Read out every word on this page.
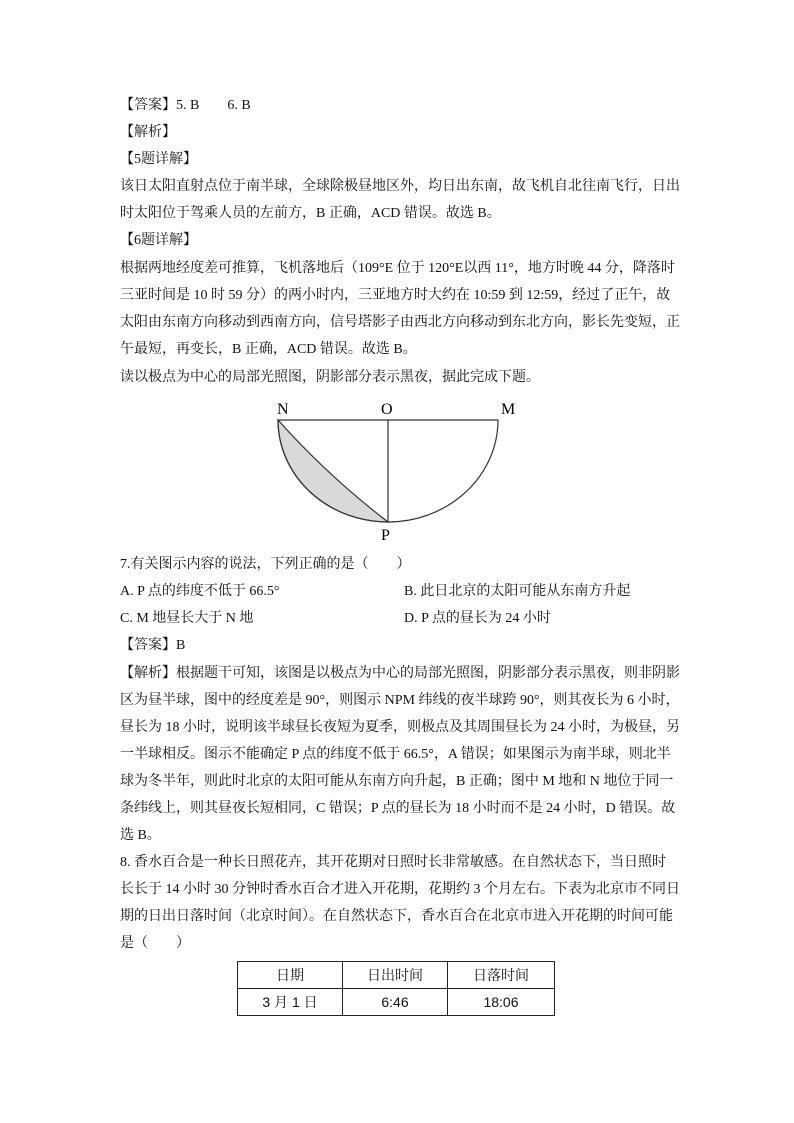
【答案】5. B　　6. B
【解析】
【5题详解】
该日太阳直射点位于南半球，全球除极昼地区外，均日出东南，故飞机自北往南飞行，日出
时太阳位于驾乘人员的左前方，B 正确，ACD 错误。故选 B。
【6题详解】
根据两地经度差可推算，飞机落地后（109°E 位于 120°E以西 11°，地方时晚 44 分，降落时
三亚时间是 10 时 59 分）的两小时内，三亚地方时大约在 10:59 到 12:59，经过了正午，故
太阳由东南方向移动到西南方向，信号塔影子由西北方向移动到东北方向，影长先变短，正
午最短，再变长，B 正确，ACD 错误。故选 B。
读以极点为中心的局部光照图，阴影部分表示黑夜，据此完成下题。
N	O	M
P
7.有关图示内容的说法，下列正确的是（　　）
A. P 点的纬度不低于 66.5°	B. 此日北京的太阳可能从东南方升起
C. M 地昼长大于 N 地	D. P 点的昼长为 24 小时
【答案】B
【解析】根据题干可知，该图是以极点为中心的局部光照图，阴影部分表示黑夜，则非阴影
区为昼半球，图中的经度差是 90°，则图示 NPM 纬线的夜半球跨 90°，则其夜长为 6 小时，
昼长为 18 小时，说明该半球昼长夜短为夏季，则极点及其周围昼长为 24 小时，为极昼，另
一半球相反。图示不能确定 P 点的纬度不低于 66.5°，A 错误；如果图示为南半球，则北半
球为冬半年，则此时北京的太阳可能从东南方向升起，B 正确；图中 M 地和 N 地位于同一
条纬线上，则其昼夜长短相同，C 错误；P 点的昼长为 18 小时而不是 24 小时，D 错误。故
选 B。
8. 香水百合是一种长日照花卉，其开花期对日照时长非常敏感。在自然状态下，当日照时
长长于 14 小时 30 分钟时香水百合才进入开花期，花期约 3 个月左右。下表为北京市不同日
期的日出日落时间（北京时间）。在自然状态下，香水百合在北京市进入开花期的时间可能
是（　　）
日期	日出时间	日落时间
3 月 1 日	6:46	18:06
